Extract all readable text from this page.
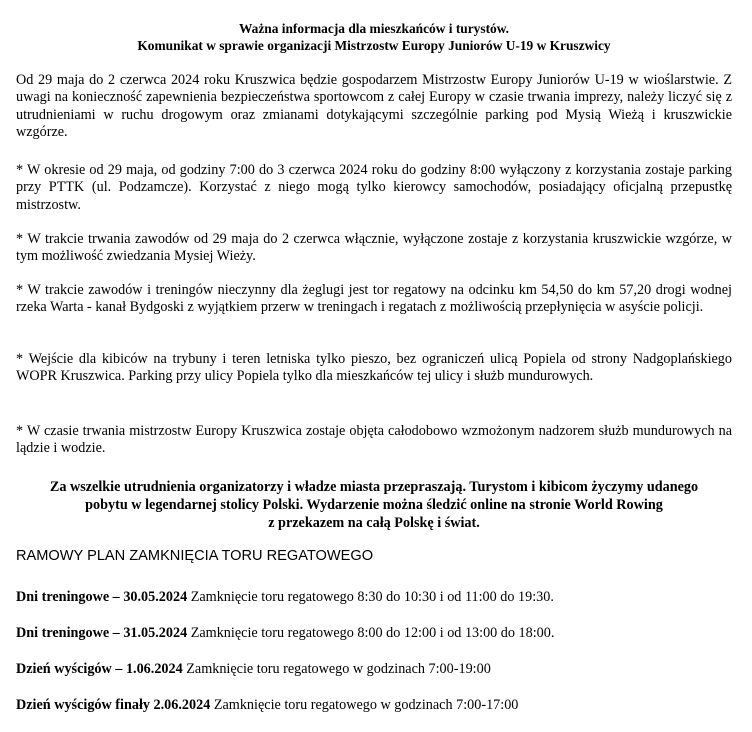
Ważna informacja dla mieszkańców i turystów.
Komunikat w sprawie organizacji Mistrzostw Europy Juniorów U-19 w Kruszwicy

Od 29 maja do 2 czerwca 2024 roku Kruszwica będzie gospodarzem Mistrzostw Europy Juniorów U-19 w wioślarstwie. Z uwagi na konieczność zapewnienia bezpieczeństwa sportowcom z całej Europy w czasie trwania imprezy, należy liczyć się z utrudnieniami w ruchu drogowym oraz zmianami dotykającymi szczególnie parking pod Mysią Wieżą i kruszwickie wzgórze.

* W okresie od 29 maja, od godziny 7:00 do 3 czerwca 2024 roku do godziny 8:00 wyłączony z korzystania zostaje parking przy PTTK (ul. Podzamcze). Korzystać z niego mogą tylko kierowcy samochodów, posiadający oficjalną przepustkę mistrzostw.

* W trakcie trwania zawodów od 29 maja do 2 czerwca włącznie, wyłączone zostaje z korzystania kruszwickie wzgórze, w tym możliwość zwiedzania Mysiej Wieży.

* W trakcie zawodów i treningów nieczynny dla żeglugi jest tor regatowy na odcinku km 54,50 do km 57,20 drogi wodnej rzeka Warta - kanał Bydgoski z wyjątkiem przerw w treningach i regatach z możliwością przepłynięcia w asyście policji.

* Wejście dla kibiców na trybuny i teren letniska tylko pieszo, bez ograniczeń ulicą Popiela od strony Nadgoplańskiego WOPR Kruszwica. Parking przy ulicy Popiela tylko dla mieszkańców tej ulicy i służb mundurowych.

* W czasie trwania mistrzostw Europy Kruszwica zostaje objęta całodobowo wzmożonym nadzorem służb mundurowych na lądzie i wodzie.

Za wszelkie utrudnienia organizatorzy i władze miasta przepraszają. Turystom i kibicom życzymy udanego
pobytu w legendarnej stolicy Polski. Wydarzenie można śledzić online na stronie World Rowing
z przekazem na całą Polskę i świat.
RAMOWY PLAN ZAMKNIĘCIA TORU REGATOWEGO
Dni treningowe – 30.05.2024 Zamknięcie toru regatowego 8:30 do 10:30 i od 11:00 do 19:30.
Dni treningowe – 31.05.2024 Zamknięcie toru regatowego 8:00 do 12:00 i od 13:00 do 18:00.
Dzień wyścigów – 1.06.2024 Zamknięcie toru regatowego w godzinach 7:00-19:00
Dzień wyścigów finały 2.06.2024 Zamknięcie toru regatowego w godzinach 7:00-17:00
